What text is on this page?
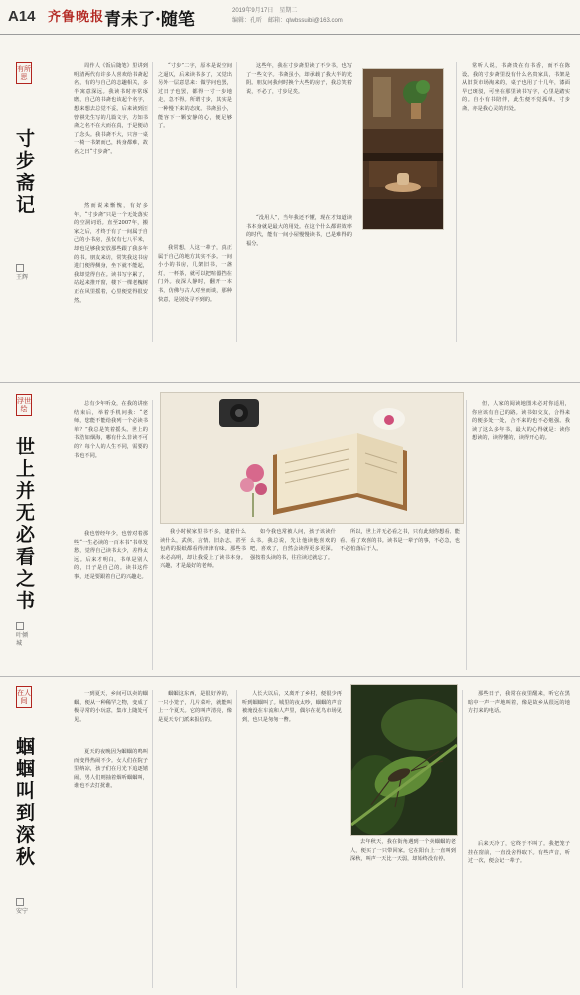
A14 齐鲁晚报 青未了·随笔	2019年9月17日　星期二
编辑：孔昕　邮箱：qlwbssuibi@163.com
有所思
寸步斋记
王辉
周作人《饭后随笔》里讲到明清两代有许多人喜欢给书斋起名，有的与自己的志趣相关，多半寓意深远。我读书时亦常琢磨，自己的书斋也该起个名字，想来想去总觉不妥。后来读到汪曾祺先生写的几篇文字，方知书斋之名不在大而在真，于是便动了念头。我书斋不大，只容一桌一椅一书架而已，转身都难，故名之曰“寸步斋”。
然而说来惭愧，有好多年，“寸步斋”只是一个无处落实的空洞词语。直至2007年，搬家之后，才终于有了一间属于自己的小书房，虽仅有七八平米，却也足够我安放那些跟了我多年的书。朋友来访，常笑我这书房进门便得侧身，坐下就不能起，我却觉得自在。读书写字累了，站起来推开窗，楼下一棵老槐树正在风里摇着，心里便觉得很安然。
“寸步”二字，原本是说空间之逼仄，后来读书多了，又觉出另外一层意思来：做学问也罢，过日子也罢，都得一寸一步地走，急不得。所谓寸步，其实是一种慢下来的态度。书斋虽小，能容下一颗安静的心，便足够了。
我常想，人这一辈子，真正属于自己的地方其实不多。一间小小的书房，几架旧书，一盏灯，一杯茶，就可以把喧嚣挡在门外。夜深人静时，翻开一本书，仿佛与古人对坐而谈，那种快意，是别处寻不到的。
这些年，我在寸步斋里读了不少书，也写了一些文字。书斋虽小，却承载了我大半的光阴。朋友问我何时换个大些的房子，我总笑着说，不必了，寸步足矣。
“没用人”，当年我还不懂，现在才知道读书本身就是最大的用处。在这个什么都讲效率的时代，能有一间小屋慢慢读书，已是难得的福分。
常听人说，书斋贵在有书香，而不在陈设。我的寸步斋里没有什么名贵家具，书架是从旧货市场淘来的，桌子也用了十几年，漆面早已斑驳，可坐在那里读书写字，心里是踏实的。自小有书陪伴，此生便不觉孤单。寸步斋，亦是我心灵的归处。
浮世绘
世上并无必看之书
叶倾城
总有少年听众，在我的讲座结束后，举着手机问我：“老师，您能不能给我列一个必读书单？”我总是笑着摇头。世上的书浩如烟海，哪有什么非读不可的？每个人的人生不同，需要的书也不同。
我也曾经年少，也曾对着那些“一生必读的一百本书”书单发愁，觉得自己读书太少，差得太远。后来才明白，书单是别人的，日子是自己的。读书这件事，还是要跟着自己的兴趣走。
我小时候家里书不多，逮着什么读什么，武侠、言情、旧杂志，甚至包药的报纸都看得津津有味。那些书未必高明，却让我爱上了读书本身。兴趣，才是最好的老师。
如今我也常被人问，孩子该读什么书。我总说，先让他读他喜欢的吧，喜欢了，自然会读得更多更深。强按着头读的书，往往读过就忘了。
所以，世上并无必看之书，只有此刻你想看、能看、看了欢喜的书。读书是一辈子的事，不必急，也不必怕落后于人。
但，人家的阅读地图未必对你适用，你应该有自己的路。读书如交友，合得来的便多处一处，合不来的也不必勉强。我读了这么多年书，最大的心得就是：读你想读的，读得懂的，读得开心的。
在人间
蝈蝈叫到深秋
安宁
一到夏天，乡间可以卖的蝈蝈，便从一种稀罕之物，变成了极寻常的小玩意，集市上随处可见。
夏天的夜晚因为蝈蝈的鸣叫而变得热闹不少。女人们在院子里纳凉，孩子们在月光下追逐嬉闹，男人们则抽着烟听蝈蝈叫，谁也不去打扰谁。
蝈蝈这东西，是很好养的，一只小笼子，几片菜叶，就能叫上一个夏天。它的叫声清亮，像是夏天专门派来报信的。
人长大以后，又离开了乡村，便很少再听到蝈蝈叫了。城里的夜太吵，蝈蝈的声音被淹没在车流和人声里，偶尔在花鸟市场见到，也只是匆匆一瞥。
去年秋天，我在街角遇到一个卖蝈蝈的老人，便买了一只带回家。它在阳台上一直叫到深秋，叫声一天比一天弱，却始终没有停。
那些日子，我常在夜里醒来，听它在黑暗中一声一声地叫着，像是故乡从很远的地方打来的电话。
后来天冷了，它终于不叫了。我把笼子挂在窗前，一直没舍得取下。有些声音，听过一次，便会记一辈子。
